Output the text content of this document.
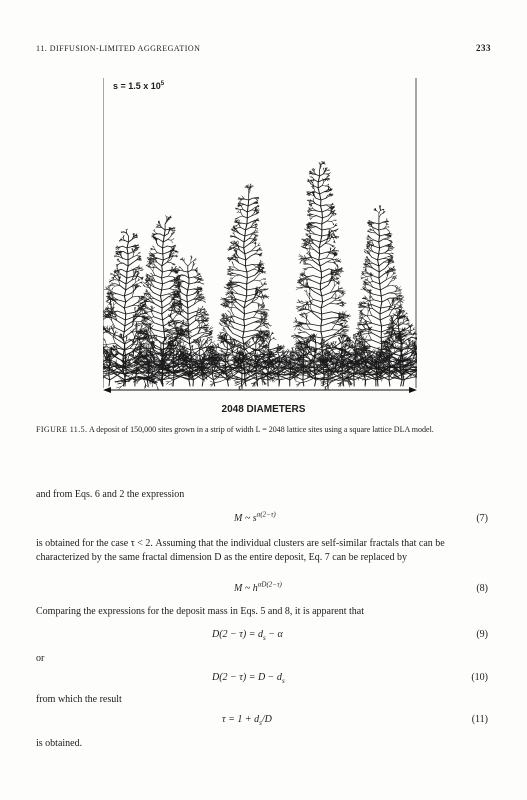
11. DIFFUSION-LIMITED AGGREGATION	233
s = 1.5 x $10^5$
2048 DIAMETERS
FIGURE 11.5. A deposit of 150,000 sites grown in a strip of width L = 2048 lattice sites using a square lattice DLA model.
and from Eqs. 6 and 2 the expression
M ~ $s^{\alpha(2-\tau)}$	(7)
is obtained for the case τ < 2. Assuming that the individual clusters are self-similar fractals that can be characterized by the same fractal dimension D as the entire deposit, Eq. 7 can be replaced by
M ~ $h^{\alpha D(2-\tau)}$	(8)
Comparing the expressions for the deposit mass in Eqs. 5 and 8, it is apparent that
$D(2 - \tau) = d_s - \alpha$	(9)
or
$D(2 - \tau) = D - d_s$	(10)
from which the result
$\tau = 1 + d_s/D$	(11)
is obtained.
